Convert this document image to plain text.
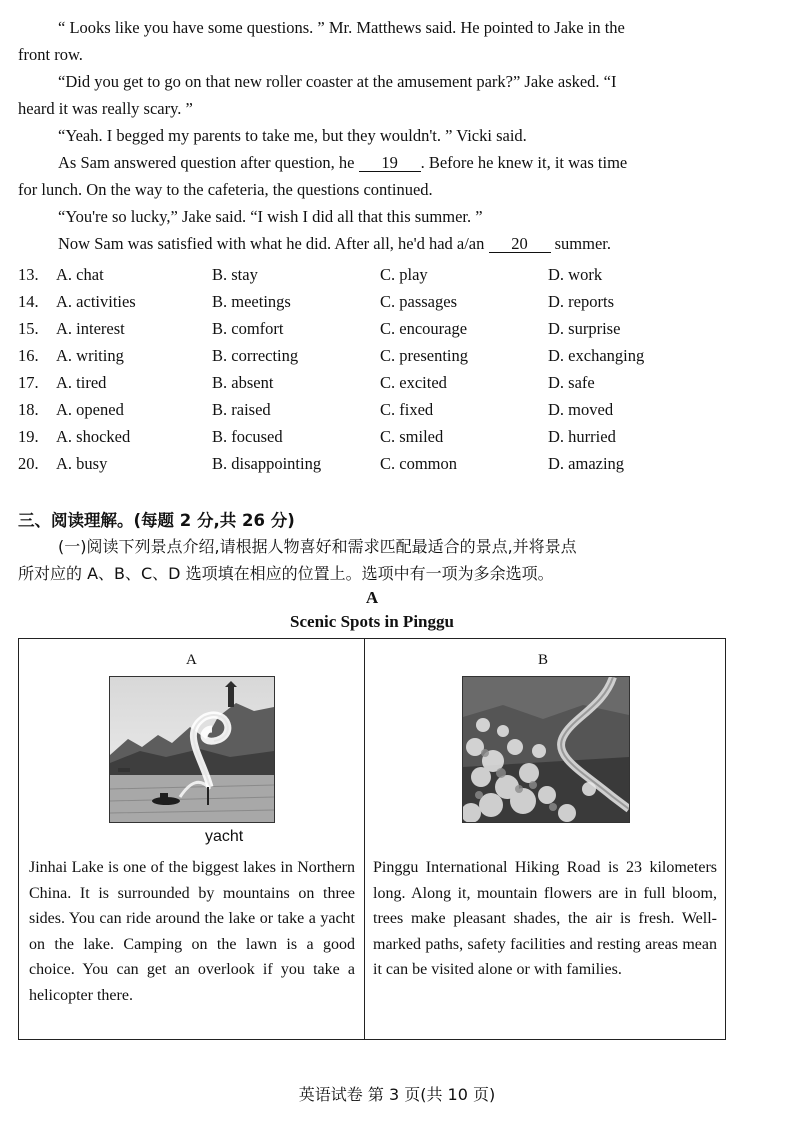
“ Looks like you have some questions. ” Mr. Matthews said. He pointed to Jake in the
front row.
“Did you get to go on that new roller coaster at the amusement park?” Jake asked. “I
heard it was really scary. ”
“Yeah. I begged my parents to take me, but they wouldn't. ” Vicki said.
As Sam answered question after question, he 19 . Before he knew it, it was time
for lunch. On the way to the cafeteria, the questions continued.
“You're so lucky,” Jake said. “I wish I did all that this summer. ”
Now Sam was satisfied with what he did. After all, he'd had a/an 20 summer.
13. A. chat	B. stay	C. play	D. work
14. A. activities	B. meetings	C. passages	D. reports
15. A. interest	B. comfort	C. encourage	D. surprise
16. A. writing	B. correcting	C. presenting	D. exchanging
17. A. tired	B. absent	C. excited	D. safe
18. A. opened	B. raised	C. fixed	D. moved
19. A. shocked	B. focused	C. smiled	D. hurried
20. A. busy	B. disappointing	C. common	D. amazing
三、阅读理解。(每题 2 分,共 26 分)
(一)阅读下列景点介绍,请根据人物喜好和需求匹配最适合的景点,并将景点
所对应的 A、B、C、D 选项填在相应的位置上。选项中有一项为多余选项。
A
Scenic Spots in Pinggu
A
yacht
Jinhai Lake is one of the biggest lakes in Northern China. It is surrounded by mountains on three sides. You can ride around the lake or take a yacht on the lake. Camping on the lawn is a good choice. You can get an overlook if you take a helicopter there.
B
Pinggu International Hiking Road is 23 kilometers long. Along it, mountain flowers are in full bloom, trees make pleasant shades, the air is fresh. Well-marked paths, safety facilities and resting areas mean it can be visited alone or with families.
英语试卷 第 3 页(共 10 页)
